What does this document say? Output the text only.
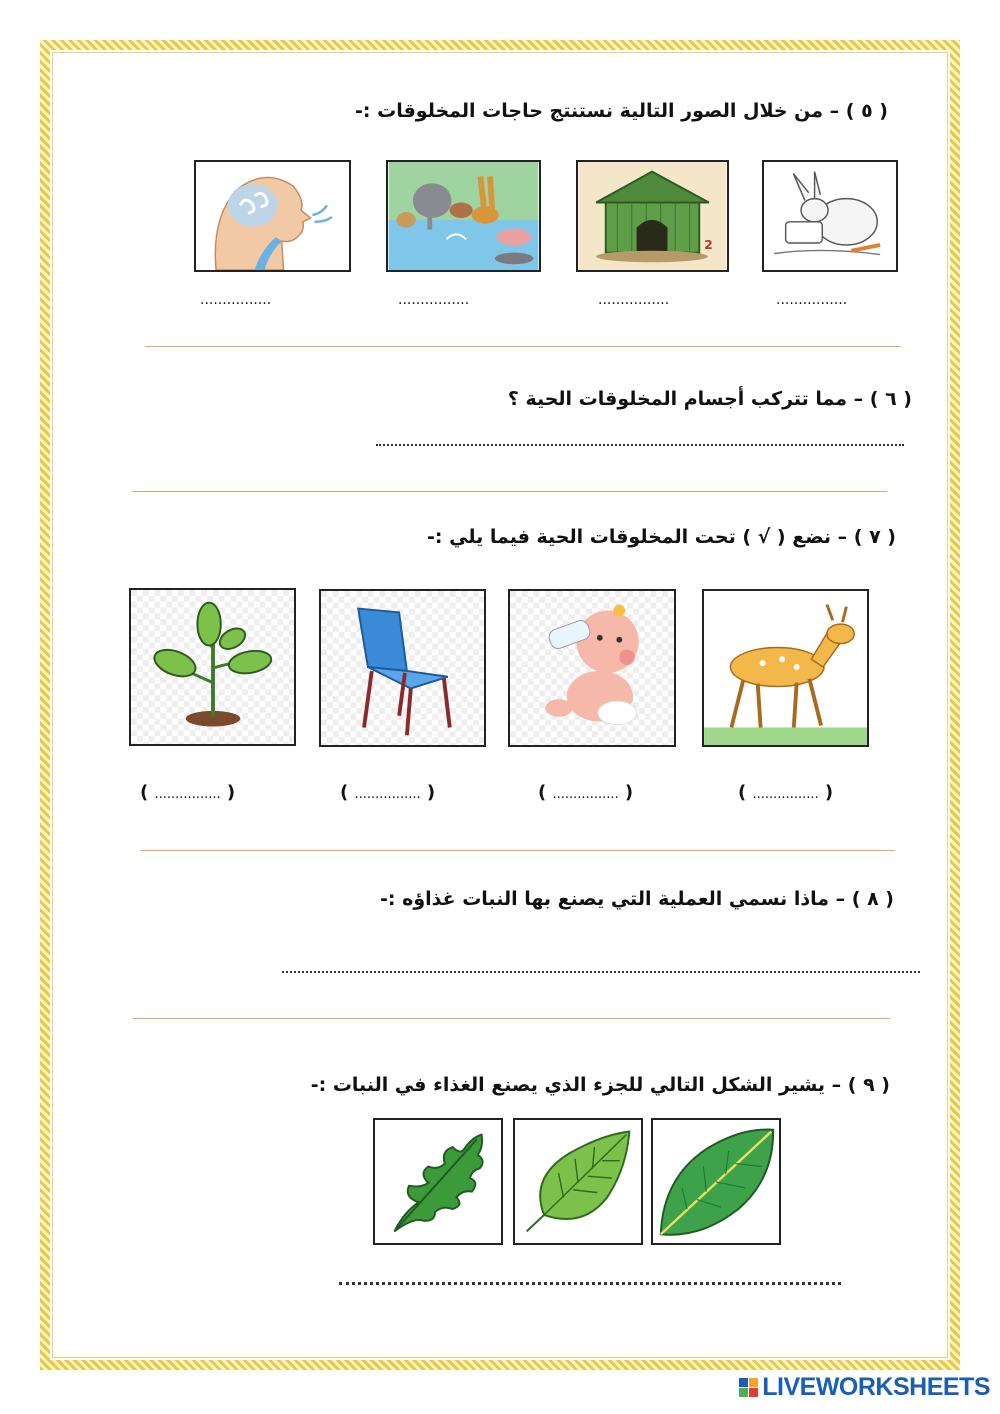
( ٥ ) – من خلال الصور التالية نستنتج حاجات المخلوقات :-
2
................	................	................	................
( ٦ ) – مما تتركب أجسام المخلوقات الحية ؟
( ٧ ) – نضع ( √ ) تحت المخلوقات الحية فيما يلي :-
( ................ )	( ................ )	( ................ )	( ................ )
( ٨ ) – ماذا نسمي العملية التي يصنع بها النبات غذاؤه :-
( ٩ ) – يشير الشكل التالي للجزء الذي يصنع الغذاء في النبات :-
LIVEWORKSHEETS
